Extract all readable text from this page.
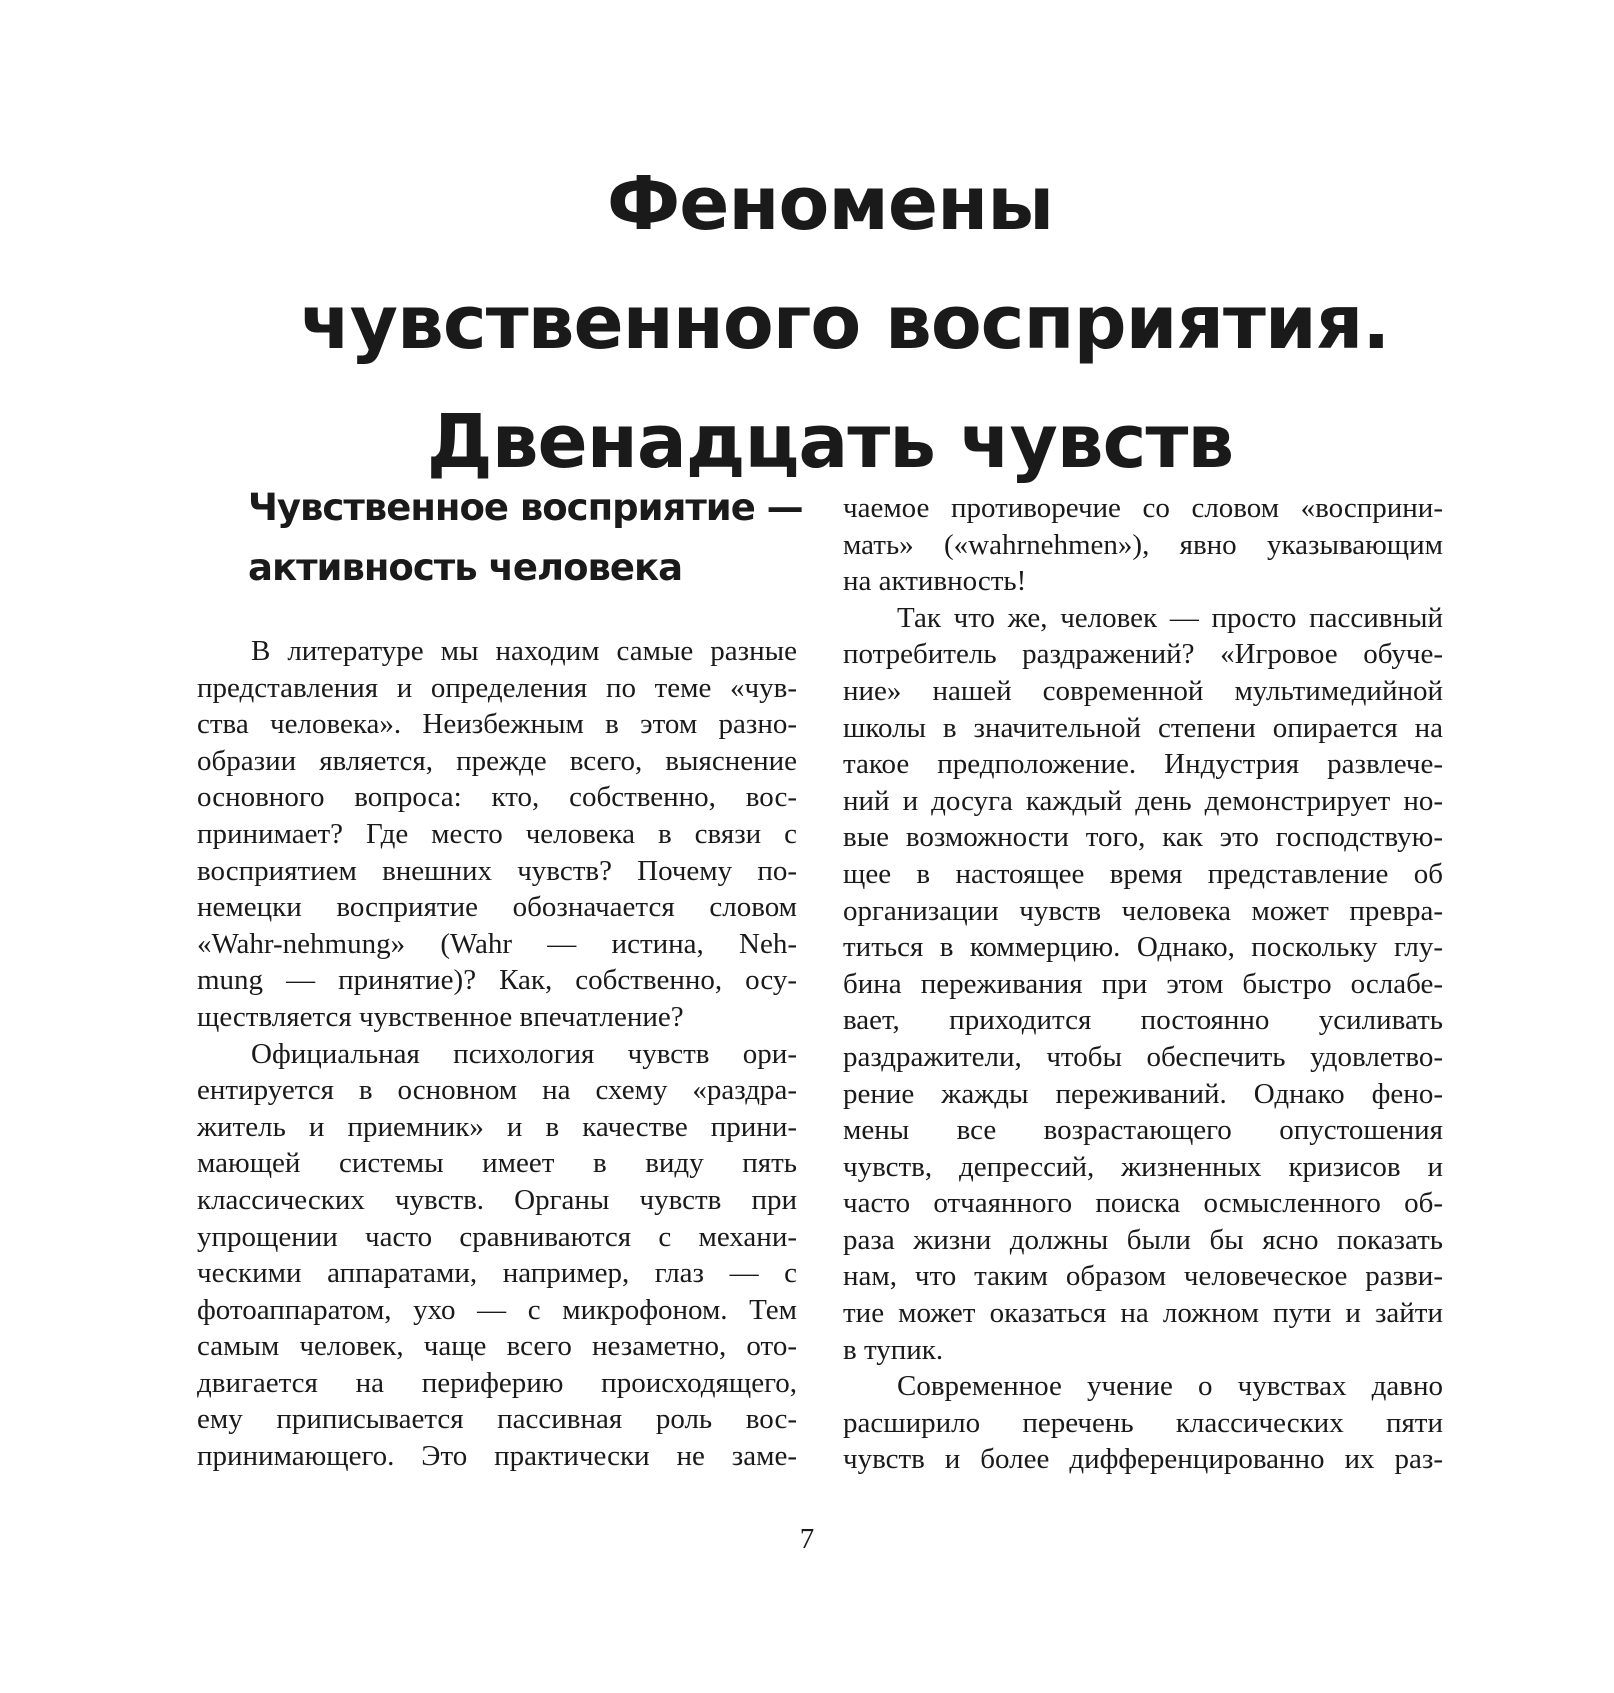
Феномены
чувственного восприятия.
Двенадцать чувств
Чувственное восприятие —
активность человека

В литературе мы находим самые разные
представления и определения по теме «чув-
ства человека». Неизбежным в этом разно-
образии является, прежде всего, выяснение
основного вопроса: кто, собственно, вос-
принимает? Где место человека в связи с
восприятием внешних чувств? Почему по-
немецки восприятие обозначается словом
«Wahr-nehmung» (Wahr — истина, Neh-
mung — принятие)? Как, собственно, осу-
ществляется чувственное впечатление?

Официальная психология чувств ори-
ентируется в основном на схему «раздра-
житель и приемник» и в качестве прини-
мающей системы имеет в виду пять
классических чувств. Органы чувств при
упрощении часто сравниваются с механи-
ческими аппаратами, например, глаз — с
фотоаппаратом, ухо — с микрофоном. Тем
самым человек, чаще всего незаметно, ото-
двигается на периферию происходящего,
ему приписывается пассивная роль вос-
принимающего. Это практически не заме-

чаемое противоречие со словом «восприни-
мать» («wahrnehmen»), явно указывающим
на активность!

Так что же, человек — просто пассивный
потребитель раздражений? «Игровое обуче-
ние» нашей современной мультимедийной
школы в значительной степени опирается на
такое предположение. Индустрия развлече-
ний и досуга каждый день демонстрирует но-
вые возможности того, как это господствую-
щее в настоящее время представление об
организации чувств человека может превра-
титься в коммерцию. Однако, поскольку глу-
бина переживания при этом быстро ослабе-
вает, приходится постоянно усиливать
раздражители, чтобы обеспечить удовлетво-
рение жажды переживаний. Однако фено-
мены все возрастающего опустошения
чувств, депрессий, жизненных кризисов и
часто отчаянного поиска осмысленного об-
раза жизни должны были бы ясно показать
нам, что таким образом человеческое разви-
тие может оказаться на ложном пути и зайти
в тупик.

Современное учение о чувствах давно
расширило перечень классических пяти
чувств и более дифференцированно их раз-

7
